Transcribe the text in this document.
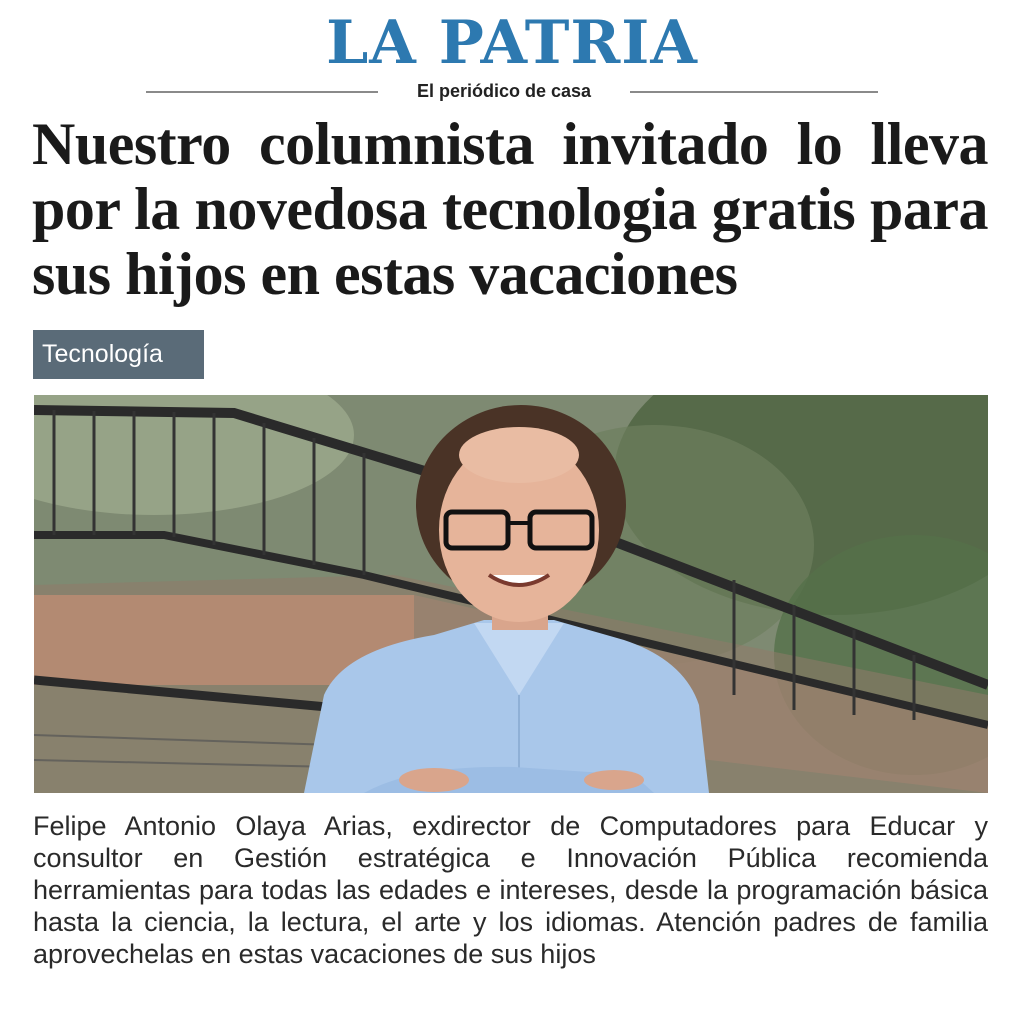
LA PATRIA
El periódico de casa
Nuestro columnista invitado lo lleva por la novedosa tecnologia gratis para sus hijos en estas vacaciones
Tecnología

Felipe Antonio Olaya Arias, exdirector de Computadores para Educar y consultor en Gestión estratégica e Innovación Pública recomienda herramientas para todas las edades e intereses, desde la programación básica hasta la ciencia, la lectura, el arte y los idiomas. Atención padres de familia aprovechelas en estas vacaciones de sus hijos
